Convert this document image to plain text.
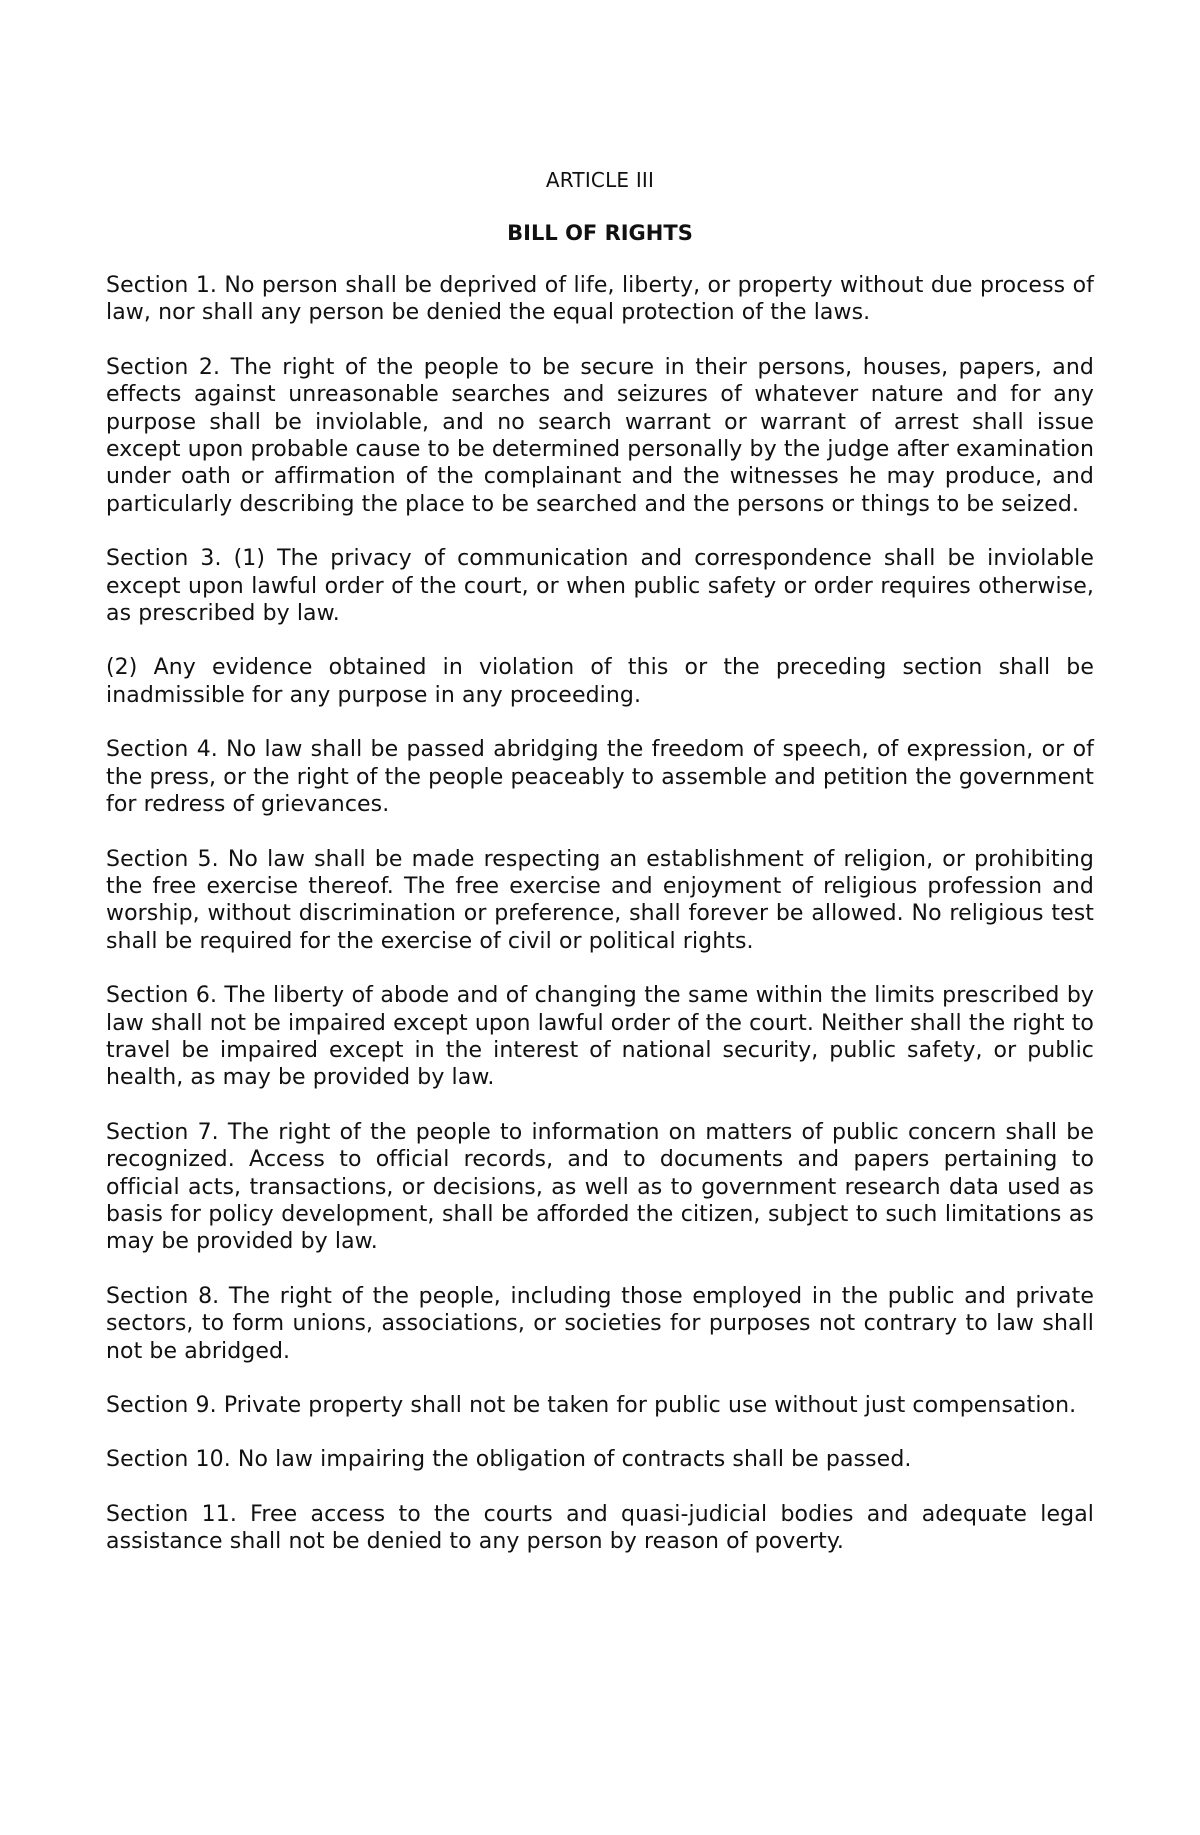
ARTICLE III
BILL OF RIGHTS

Section 1. No person shall be deprived of life, liberty, or property without due process of law, nor shall any person be denied the equal protection of the laws.

Section 2. The right of the people to be secure in their persons, houses, papers, and effects against unreasonable searches and seizures of whatever nature and for any purpose shall be inviolable, and no search warrant or warrant of arrest shall issue except upon probable cause to be determined personally by the judge after examination under oath or affirmation of the complainant and the witnesses he may produce, and particularly describing the place to be searched and the persons or things to be seized.

Section 3. (1) The privacy of communication and correspondence shall be inviolable except upon lawful order of the court, or when public safety or order requires otherwise, as prescribed by law.

(2) Any evidence obtained in violation of this or the preceding section shall be inadmissible for any purpose in any proceeding.

Section 4. No law shall be passed abridging the freedom of speech, of expression, or of the press, or the right of the people peaceably to assemble and petition the government for redress of grievances.

Section 5. No law shall be made respecting an establishment of religion, or prohibiting the free exercise thereof. The free exercise and enjoyment of religious profession and worship, without discrimination or preference, shall forever be allowed. No religious test shall be required for the exercise of civil or political rights.

Section 6. The liberty of abode and of changing the same within the limits prescribed by law shall not be impaired except upon lawful order of the court. Neither shall the right to travel be impaired except in the interest of national security, public safety, or public health, as may be provided by law.

Section 7. The right of the people to information on matters of public concern shall be recognized. Access to official records, and to documents and papers pertaining to official acts, transactions, or decisions, as well as to government research data used as basis for policy development, shall be afforded the citizen, subject to such limitations as may be provided by law.

Section 8. The right of the people, including those employed in the public and private sectors, to form unions, associations, or societies for purposes not contrary to law shall not be abridged.

Section 9. Private property shall not be taken for public use without just compensation.

Section 10. No law impairing the obligation of contracts shall be passed.

Section 11. Free access to the courts and quasi-judicial bodies and adequate legal assistance shall not be denied to any person by reason of poverty.
